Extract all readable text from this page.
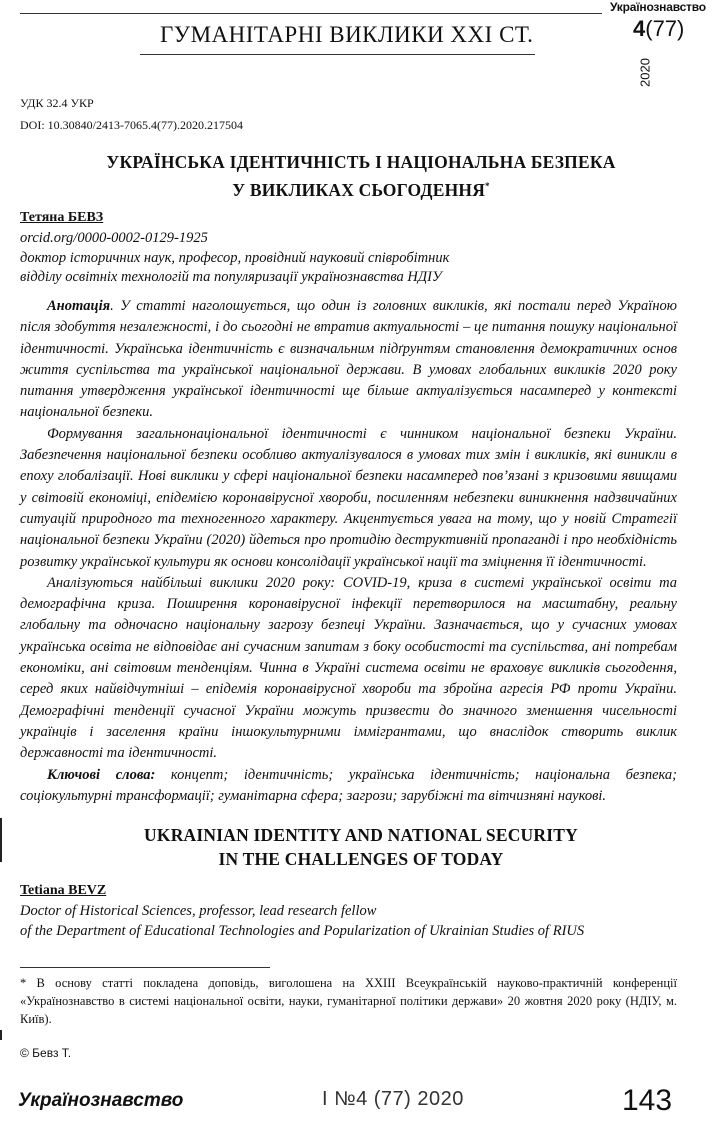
Українознавство
ГУМАНІТАРНІ ВИКЛИКИ XXI СТ.	4(77)
2020
УДК 32.4 УКР
DOI: 10.30840/2413-7065.4(77).2020.217504
УКРАЇНСЬКА ІДЕНТИЧНІСТЬ І НАЦІОНАЛЬНА БЕЗПЕКА
У ВИКЛИКАХ СЬОГОДЕННЯ*
Тетяна БЕВЗ
orcid.org/0000-0002-0129-1925
доктор історичних наук, професор, провідний науковий співробітник
відділу освітніх технологій та популяризації українознавства НДІУ

Анотація. У статті наголошується, що один із головних викликів, які постали перед Україною після здобуття незалежності, і до сьогодні не втратив актуальності – це питання пошуку національної ідентичності. Українська ідентичність є визначальним підґрунтям становлення демократичних основ життя суспільства та української національної держави. В умовах глобальних викликів 2020 року питання утвердження української ідентичності ще більше актуалізується насамперед у контексті національної безпеки.

Формування загальнонаціональної ідентичності є чинником національної безпеки України. Забезпечення національної безпеки особливо актуалізувалося в умовах тих змін і викликів, які виникли в епоху глобалізації. Нові виклики у сфері національної безпеки насамперед пов’язані з кризовими явищами у світовій економіці, епідемією коронавірусної хвороби, посиленням небезпеки виникнення надзвичайних ситуацій природного та техногенного характеру. Акцентується увага на тому, що у новій Стратегії національної безпеки України (2020) йдеться про протидію деструктивній пропаганді і про необхідність розвитку української культури як основи консолідації української нації та зміцнення її ідентичності.

Аналізуються найбільші виклики 2020 року: COVID-19, криза в системі української освіти та демографічна криза. Поширення коронавірусної інфекції перетворилося на масштабну, реальну глобальну та одночасно національну загрозу безпеці України. Зазначається, що у сучасних умовах українська освіта не відповідає ані сучасним запитам з боку особистості та суспільства, ані потребам економіки, ані світовим тенденціям. Чинна в Україні система освіти не враховує викликів сьогодення, серед яких найвідчутніші – епідемія коронавірусної хвороби та збройна агресія РФ проти України. Демографічні тенденції сучасної України можуть призвести до значного зменшення чисельності українців і заселення країни іншокультурними іммігрантами, що внаслідок створить виклик державності та ідентичності.

Ключові слова: концепт; ідентичність; українська ідентичність; національна безпека; соціокультурні трансформації; гуманітарна сфера; загрози; зарубіжні та вітчизняні наукові.

UKRAINIAN IDENTITY AND NATIONAL SECURITY
IN THE CHALLENGES OF TODAY
Tetiana BEVZ
Doctor of Historical Sciences, professor, lead research fellow
of the Department of Educational Technologies and Popularization of Ukrainian Studies of RIUS
* В основу статті покладена доповідь, виголошена на XXIII Всеукраїнській науково-практичній конференції «Українознавство в системі національної освіти, науки, гуманітарної політики держави» 20 жовтня 2020 року (НДІУ, м. Київ).
© Бевз Т.
Українознавство	І №4 (77) 2020	143
